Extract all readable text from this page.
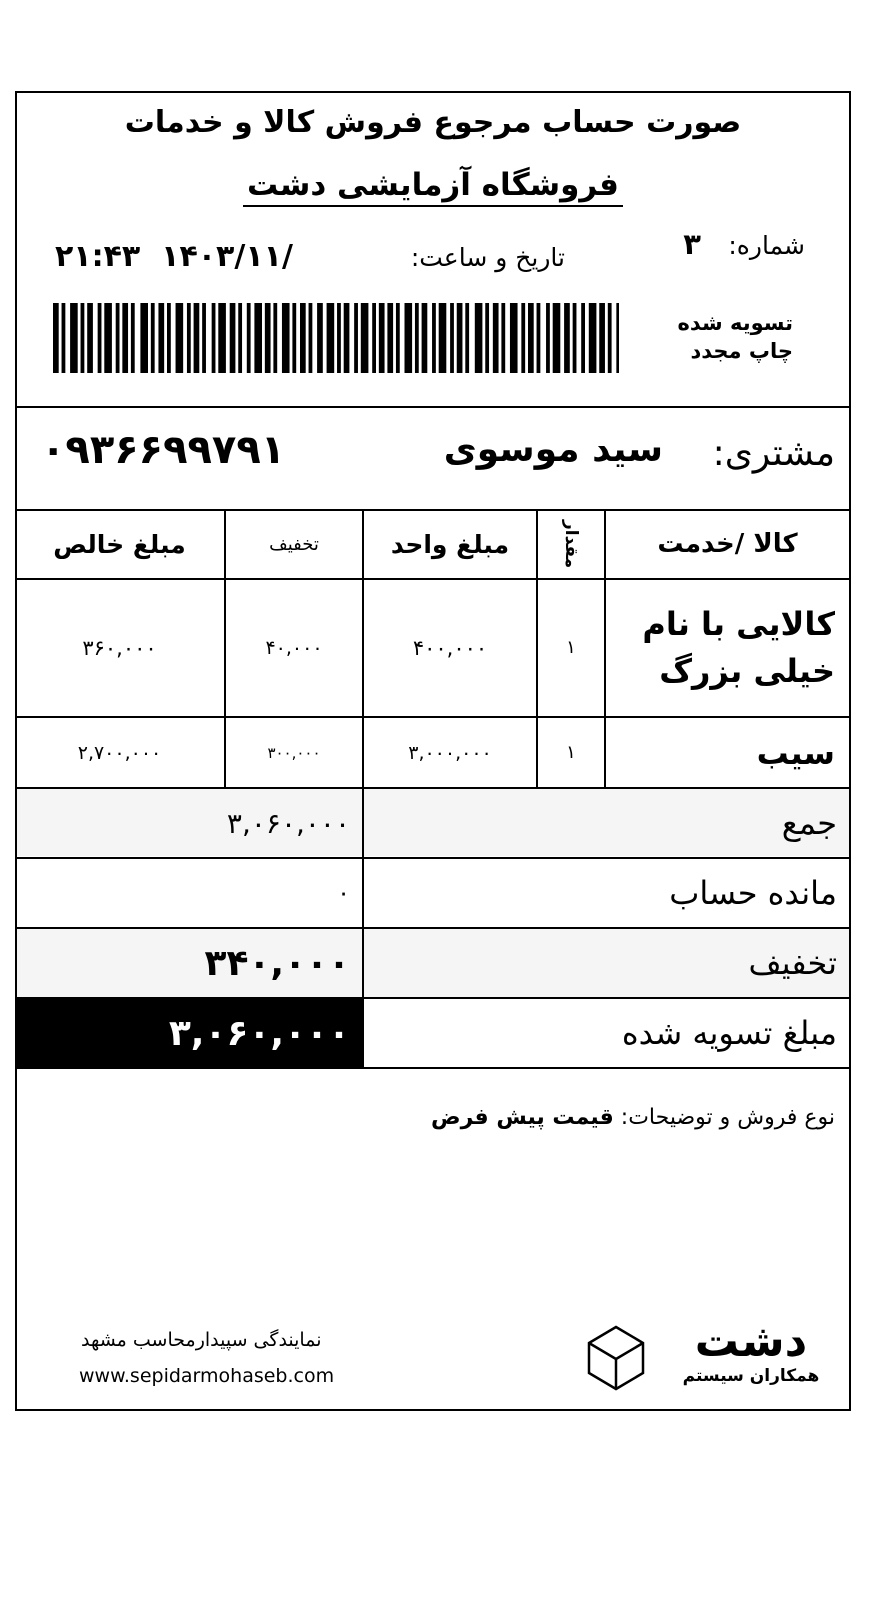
صورت حساب مرجوع فروش کالا و خدمات
فروشگاه آزمایشی دشت
شماره:
۳
تاریخ و ساعت:
۲۱:۴۳  ۱۴۰۳/۱۱/
تسویه شده
چاپ مجدد
مشتری:
سید موسوی
۰۹۳۶۶۹۹۷۹۱
کالا /خدمت
مقدار
مبلغ واحد
تخفیف
مبلغ خالص
کالایی با نام
خیلی بزرگ
۱
۴۰۰,۰۰۰
۴۰,۰۰۰
۳۶۰,۰۰۰
سیب
۱
۳,۰۰۰,۰۰۰
۳۰۰,۰۰۰
۲,۷۰۰,۰۰۰
جمع
۳,۰۶۰,۰۰۰
مانده حساب
۰
تخفیف
۳۴۰,۰۰۰
مبلغ تسویه شده
۳,۰۶۰,۰۰۰
نوع فروش و توضیحات: قیمت پیش فرض
دشت
همکاران سیستم
نمایندگی سپیدارمحاسب مشهد
www.sepidarmohaseb.com
